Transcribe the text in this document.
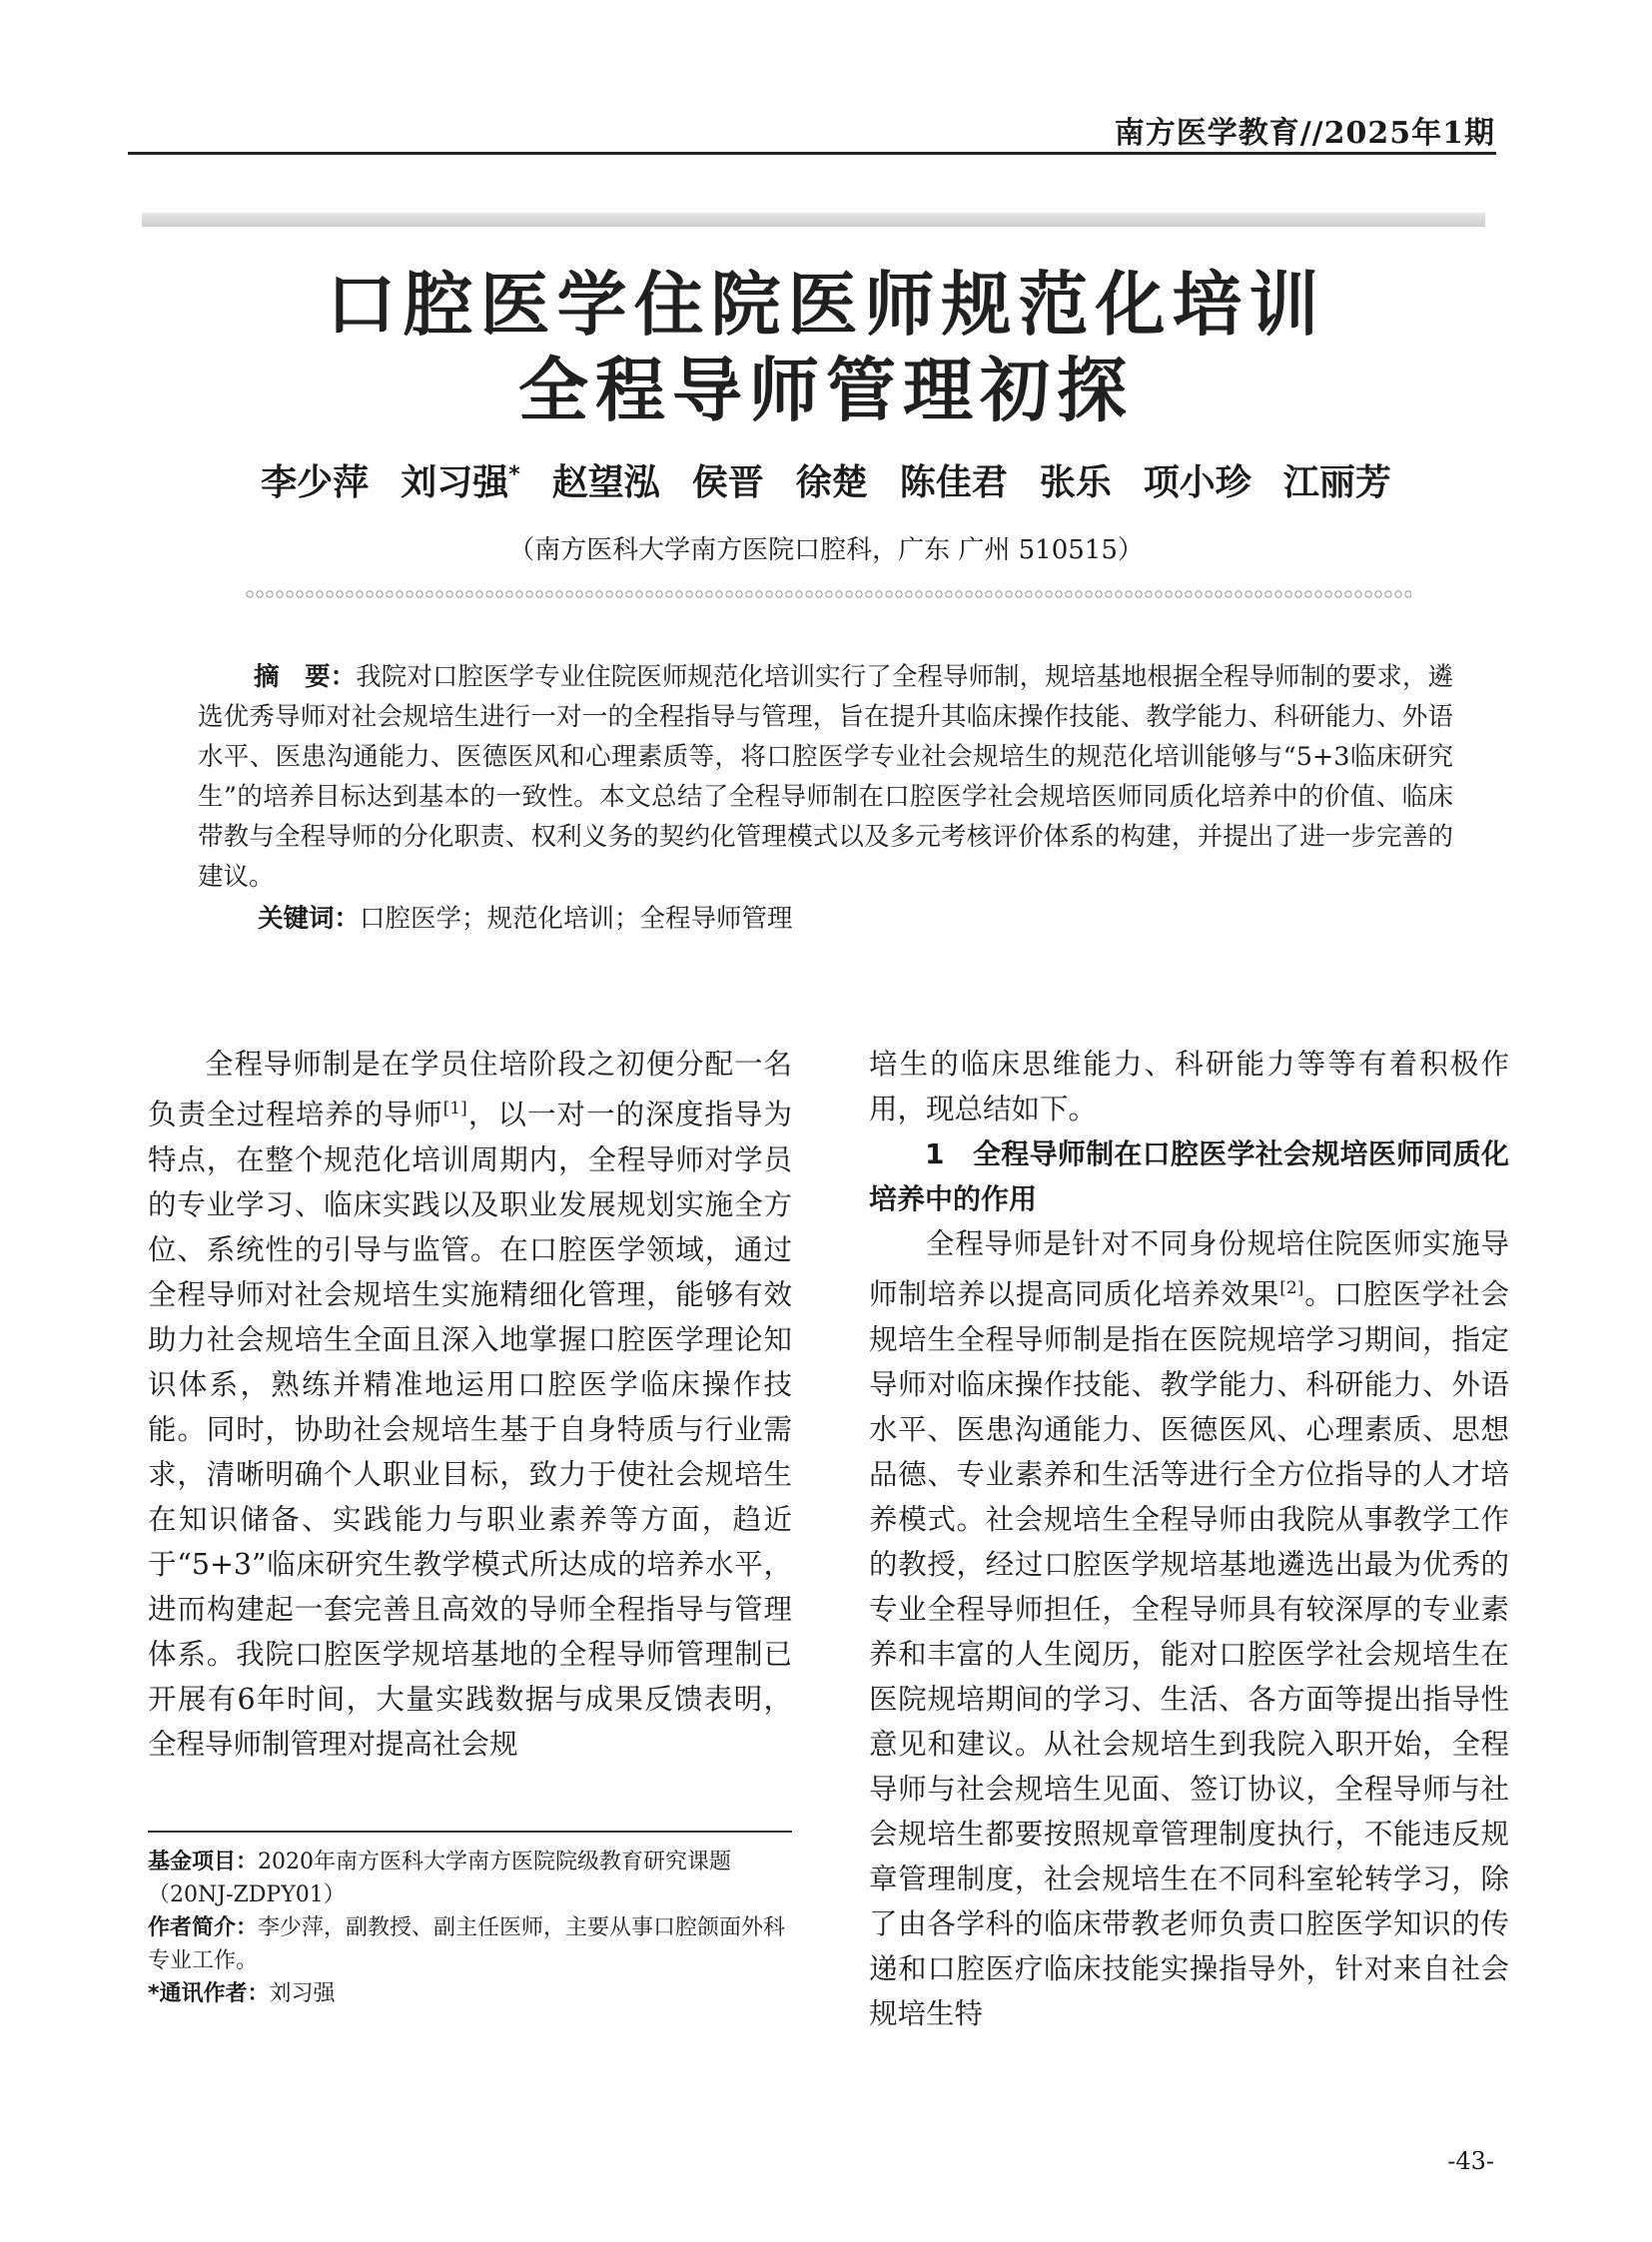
南方医学教育//2025年1期
口腔医学住院医师规范化培训
全程导师管理初探
李少萍 刘习强* 赵望泓 侯晋 徐楚 陈佳君 张乐 项小珍 江丽芳
（南方医科大学南方医院口腔科，广东 广州 510515）
摘　要：我院对口腔医学专业住院医师规范化培训实行了全程导师制，规培基地根据全程导师制的要求，遴选优秀导师对社会规培生进行一对一的全程指导与管理，旨在提升其临床操作技能、教学能力、科研能力、外语水平、医患沟通能力、医德医风和心理素质等，将口腔医学专业社会规培生的规范化培训能够与“5+3临床研究生”的培养目标达到基本的一致性。本文总结了全程导师制在口腔医学社会规培医师同质化培养中的价值、临床带教与全程导师的分化职责、权利义务的契约化管理模式以及多元考核评价体系的构建，并提出了进一步完善的建议。
关键词：口腔医学；规范化培训；全程导师管理

全程导师制是在学员住培阶段之初便分配一名负责全过程培养的导师[1]，以一对一的深度指导为特点，在整个规范化培训周期内，全程导师对学员的专业学习、临床实践以及职业发展规划实施全方位、系统性的引导与监管。在口腔医学领域，通过全程导师对社会规培生实施精细化管理，能够有效助力社会规培生全面且深入地掌握口腔医学理论知识体系，熟练并精准地运用口腔医学临床操作技能。同时，协助社会规培生基于自身特质与行业需求，清晰明确个人职业目标，致力于使社会规培生在知识储备、实践能力与职业素养等方面，趋近于“5+3”临床研究生教学模式所达成的培养水平，进而构建起一套完善且高效的导师全程指导与管理体系。我院口腔医学规培基地的全程导师管理制已开展有6年时间，大量实践数据与成果反馈表明，全程导师制管理对提高社会规

基金项目：2020年南方医科大学南方医院院级教育研究课题（20NJ-ZDPY01）

作者简介：李少萍，副教授、副主任医师，主要从事口腔颌面外科专业工作。

*通讯作者：刘习强

培生的临床思维能力、科研能力等等有着积极作用，现总结如下。

1　全程导师制在口腔医学社会规培医师同质化培养中的作用

全程导师是针对不同身份规培住院医师实施导师制培养以提高同质化培养效果[2]。口腔医学社会规培生全程导师制是指在医院规培学习期间，指定导师对临床操作技能、教学能力、科研能力、外语水平、医患沟通能力、医德医风、心理素质、思想品德、专业素养和生活等进行全方位指导的人才培养模式。社会规培生全程导师由我院从事教学工作的教授，经过口腔医学规培基地遴选出最为优秀的专业全程导师担任，全程导师具有较深厚的专业素养和丰富的人生阅历，能对口腔医学社会规培生在医院规培期间的学习、生活、各方面等提出指导性意见和建议。从社会规培生到我院入职开始，全程导师与社会规培生见面、签订协议，全程导师与社会规培生都要按照规章管理制度执行，不能违反规章管理制度，社会规培生在不同科室轮转学习，除了由各学科的临床带教老师负责口腔医学知识的传递和口腔医疗临床技能实操指导外，针对来自社会规培生特

-43-
